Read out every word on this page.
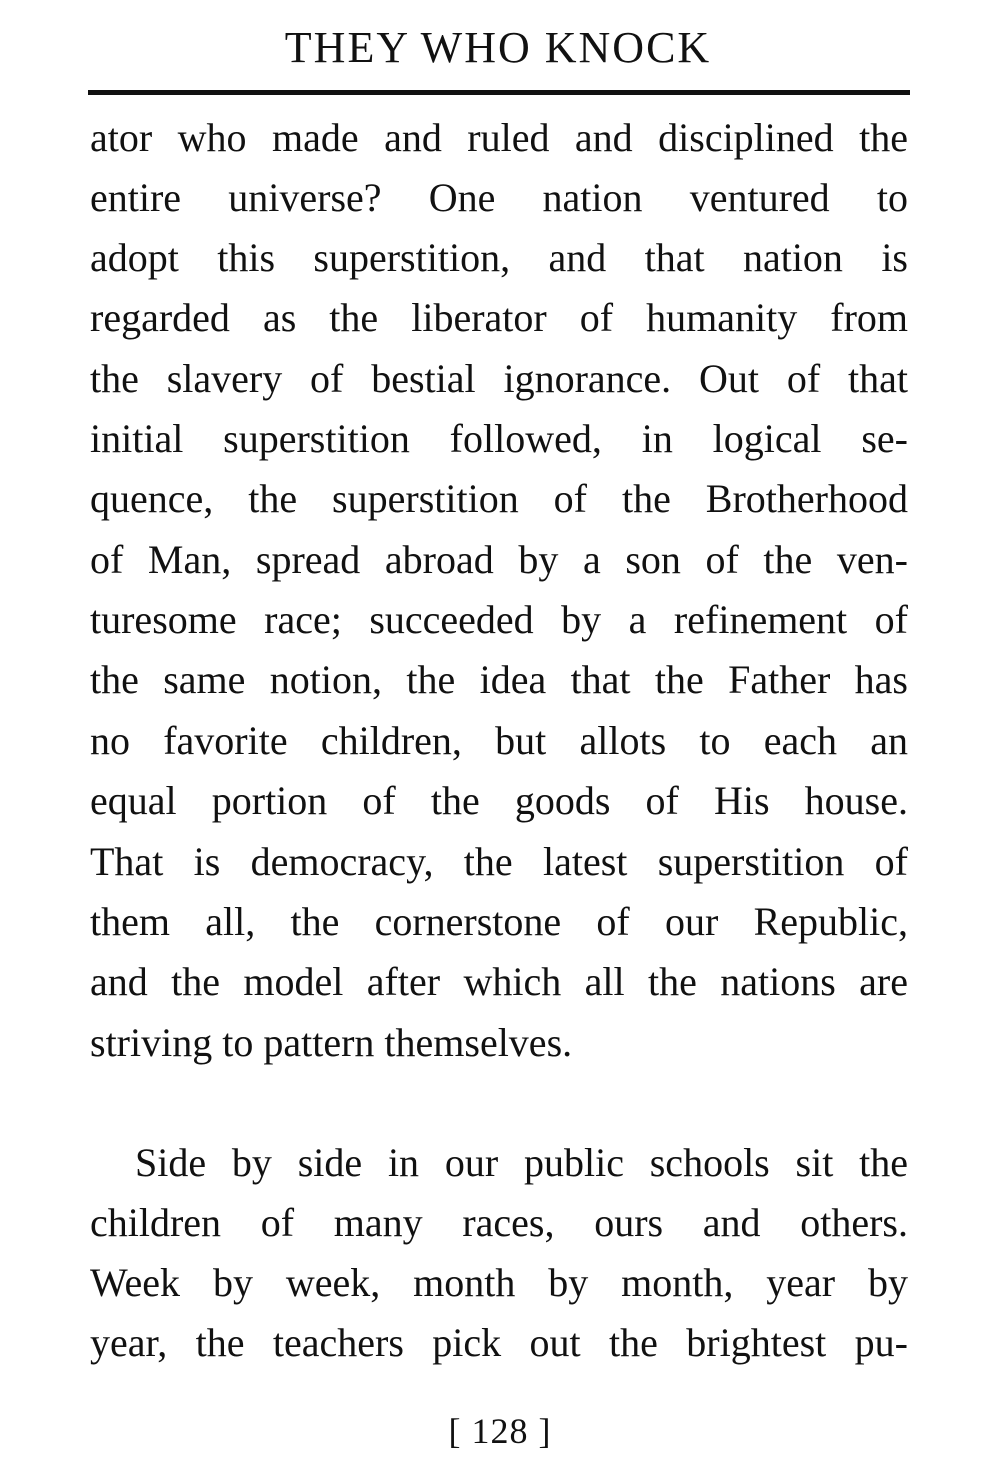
THEY WHO KNOCK
ator who made and ruled and disciplined the
entire universe? One nation ventured to
adopt this superstition, and that nation is
regarded as the liberator of humanity from
the slavery of bestial ignorance. Out of that
initial superstition followed, in logical se-
quence, the superstition of the Brotherhood
of Man, spread abroad by a son of the ven-
turesome race; succeeded by a refinement of
the same notion, the idea that the Father has
no favorite children, but allots to each an
equal portion of the goods of His house.
That is democracy, the latest superstition of
them all, the cornerstone of our Republic,
and the model after which all the nations are
striving to pattern themselves.
Side by side in our public schools sit the
children of many races, ours and others.
Week by week, month by month, year by
year, the teachers pick out the brightest pu-
[ 128 ]
